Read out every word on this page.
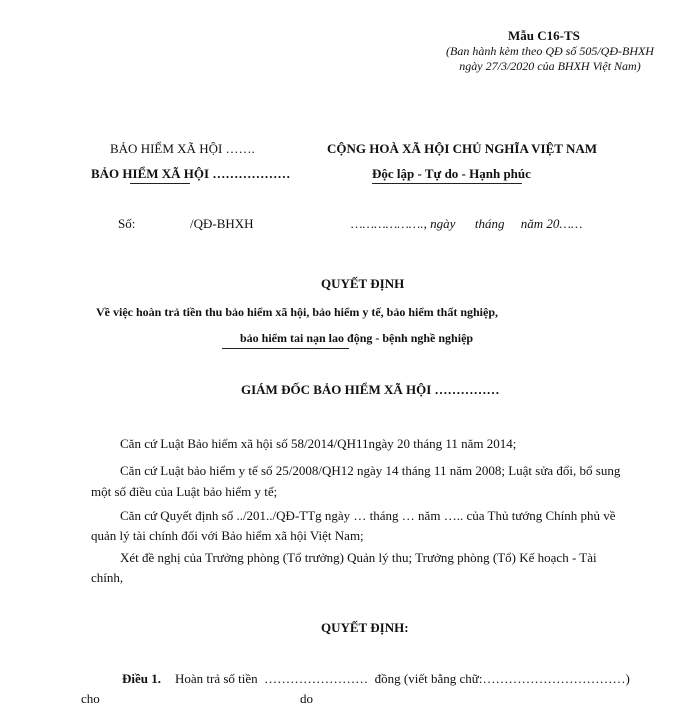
Mẫu C16-TS
(Ban hành kèm theo QĐ số 505/QĐ-BHXH ngày 27/3/2020 của BHXH Việt Nam)
BẢO HIỂM XÃ HỘI …….
BẢO HIỂM XÃ HỘI ………………
CỘNG HOÀ XÃ HỘI CHỦ NGHĨA VIỆT NAM
Độc lập - Tự do - Hạnh phúc
Số:	/QĐ-BHXH	………………., ngày      tháng     năm 20……
QUYẾT ĐỊNH
Về việc hoàn trả tiền thu bảo hiểm xã hội, bảo hiểm y tế, bảo hiểm thất nghiệp,
bảo hiểm tai nạn lao động - bệnh nghề nghiệp
GIÁM ĐỐC BẢO HIỂM XÃ HỘI ……………
Căn cứ Luật Bảo hiểm xã hội số 58/2014/QH11ngày 20 tháng 11 năm 2014;
Căn cứ Luật bảo hiểm y tế số 25/2008/QH12 ngày 14 tháng 11 năm 2008; Luật sửa đổi, bổ sung
một số điều của Luật bảo hiểm y tế;
Căn cứ Quyết định số ../201../QĐ-TTg ngày … tháng … năm ….. của Thủ tướng Chính phủ về
quản lý tài chính đối với Bảo hiểm xã hội Việt Nam;
Xét đề nghị của Trưởng phòng (Tổ trưởng) Quản lý thu; Trưởng phòng (Tổ) Kế hoạch - Tài
chính,
QUYẾT ĐỊNH:
Điều 1. Hoàn trả số tiền  ……………………  đồng (viết bằng chữ:……………………………)
cho	do
